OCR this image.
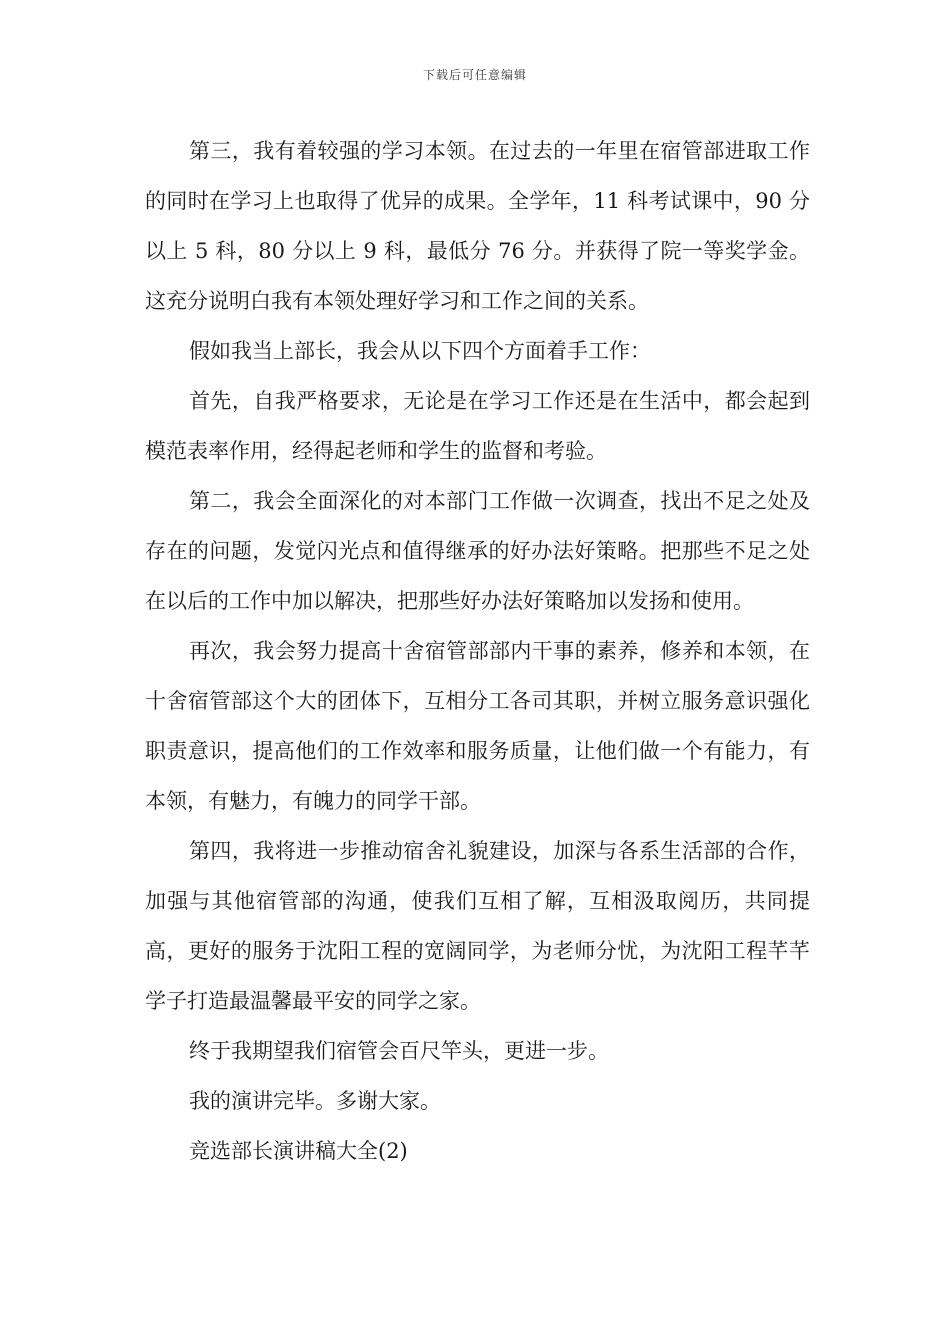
下载后可任意编辑

第三，我有着较强的学习本领。在过去的一年里在宿管部进取工作的同时在学习上也取得了优异的成果。全学年，11 科考试课中，90 分以上 5 科，80 分以上 9 科，最低分 76 分。并获得了院一等奖学金。这充分说明白我有本领处理好学习和工作之间的关系。

假如我当上部长，我会从以下四个方面着手工作：

首先，自我严格要求，无论是在学习工作还是在生活中，都会起到模范表率作用，经得起老师和学生的监督和考验。

第二，我会全面深化的对本部门工作做一次调查，找出不足之处及存在的问题，发觉闪光点和值得继承的好办法好策略。把那些不足之处在以后的工作中加以解决，把那些好办法好策略加以发扬和使用。

再次，我会努力提高十舍宿管部部内干事的素养，修养和本领，在十舍宿管部这个大的团体下，互相分工各司其职，并树立服务意识强化职责意识，提高他们的工作效率和服务质量，让他们做一个有能力，有本领，有魅力，有魄力的同学干部。

第四，我将进一步推动宿舍礼貌建设，加深与各系生活部的合作，加强与其他宿管部的沟通，使我们互相了解，互相汲取阅历，共同提高，更好的服务于沈阳工程的宽阔同学，为老师分忧，为沈阳工程芊芊学子打造最温馨最平安的同学之家。

终于我期望我们宿管会百尺竿头，更进一步。

我的演讲完毕。多谢大家。

竞选部长演讲稿大全(2)
